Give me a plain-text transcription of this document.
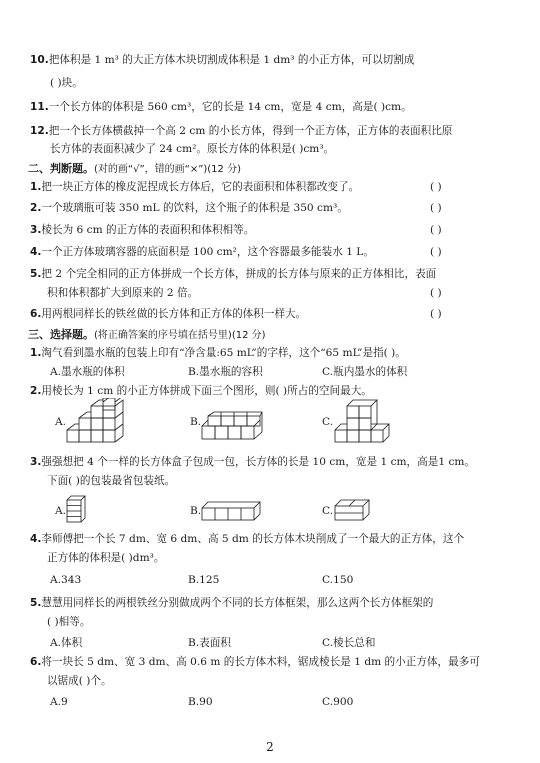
10.把体积是 1 m³ 的大正方体木块切割成体积是 1 dm³ 的小正方体，可以切割成
( )块。
11.一个长方体的体积是 560 cm³，它的长是 14 cm，宽是 4 cm，高是( )cm。
12.把一个长方体横截掉一个高 2 cm 的小长方体，得到一个正方体，正方体的表面积比原
长方体的表面积减少了 24 cm²。原长方体的体积是( )cm³。
二、判断题。(对的画“√”，错的画“×”)(12 分)
1.把一块正方体的橡皮泥捏成长方体后，它的表面积和体积都改变了。	( )
2.一个玻璃瓶可装 350 mL 的饮料，这个瓶子的体积是 350 cm³。	( )
3.棱长为 6 cm 的正方体的表面积和体积相等。	( )
4.一个正方体玻璃容器的底面积是 100 cm²，这个容器最多能装水 1 L。	( )
5.把 2 个完全相同的正方体拼成一个长方体，拼成的长方体与原来的正方体相比，表面
积和体积都扩大到原来的 2 倍。	( )
6.用两根同样长的铁丝做的长方体和正方体的体积一样大。	( )
三、选择题。(将正确答案的序号填在括号里)(12 分)
1.淘气看到墨水瓶的包装上印有“净含量:65 mL”的字样，这个“65 mL”是指( )。
A.墨水瓶的体积	B.墨水瓶的容积	C.瓶内墨水的体积
2.用棱长为 1 cm 的小正方体拼成下面三个图形，则( )所占的空间最大。
A.	B.	C.
3.强强想把 4 个一样的长方体盒子包成一包，长方体的长是 10 cm，宽是 1 cm，高是1 cm。
下面( )的包装最省包装纸。
A.	B.	C.
4.李师傅把一个长 7 dm、宽 6 dm、高 5 dm 的长方体木块削成了一个最大的正方体，这个
正方体的体积是( )dm³。
A.343	B.125	C.150
5.慧慧用同样长的两根铁丝分别做成两个不同的长方体框架，那么这两个长方体框架的
( )相等。
A.体积	B.表面积	C.棱长总和
6.将一块长 5 dm、宽 3 dm、高 0.6 m 的长方体木料，锯成棱长是 1 dm 的小正方体，最多可
以锯成( )个。
A.9	B.90	C.900
2
